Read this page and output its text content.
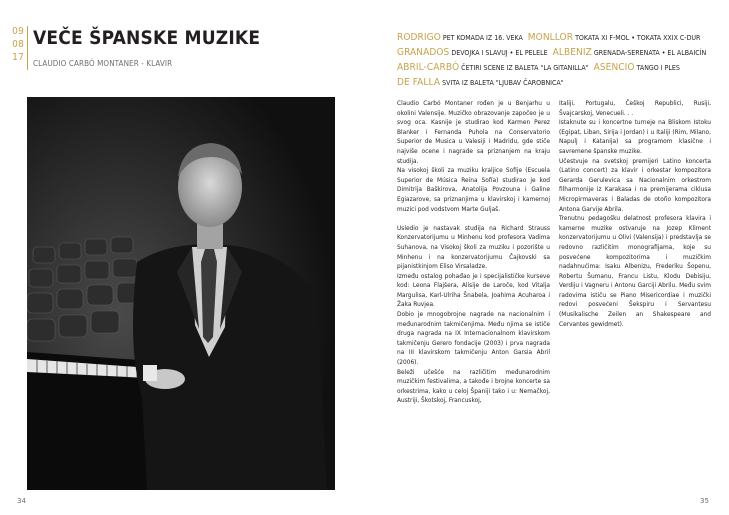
09
08
17
VEČE ŠPANSKE MUZIKE
CLAUDIO CARBÓ MONTANER - KLAVIR
34
RODRIGO PET KOMADA IZ 16. VEKA MONLLOR TOKATA XI F-MOL • TOKATA XXIX C-DUR
GRANADOS DEVOJKA I SLAVUJ • EL PELELE ALBENIZ GRENADA-SERENATA • EL ALBAICÍN
ABRIL-CARBÓ ČETIRI SCENE IZ BALETA "LA GITANILLA" ASENCIO TANGO I PLES
DE FALLA SVITA IZ BALETA "LJUBAV ČAROBNICA"

Claudio Carbó Montaner rođen je u Benjarhu u okolini Valensije. Muzičko obrazovanje započeo je u svog oca. Kasnije je studirao kod Karmen Perez Blanker i Fernanda Puhola na Conservatorio Superior de Musica u Valesiji i Madridu, gde stiče najviše ocene i nagrade sa priznanjem na kraju studija.

Na visokoj školi za muziku kraljice Sofije (Escuela Superior de Música Reina Sofía) studirao je kod Dimitrija Baškirova, Anatolija Povzouna i Galine Egiazarove, sa priznanjima u klavirskoj i kamernoj muzici pod vodstvom Marte Guljaš.

Usledio je nastavak studija na Richard Strauss Konzervatorijumu u Minhenu kod profesora Vadima Suhanova, na Visokoj školi za muziku i pozorište u Minhenu i na konzervatorijumu Čajkovski sa pijanistkinjom Eliso Virsaladze.

Između ostalog pohađao je i specijalističke kurseve kod: Leona Flajšera, Alisije de Laroče, kod Vitalja Margulisa, Karl-Ulriha Šnabela, Joahima Acuharoa i Žaka Ruvjea.

Dobio je mnogobrojne nagrade na nacionalnim i međunarodnim takmičenjima. Među njima se ističe druga nagrada na IX Internacionalnom klavirskom takmičenju Gerero fondacije (2003) i prva nagrada na III klavirskom takmičenju Anton Garsia Abril (2006).

Beleži učešće na različitim međunarodnim muzičkim festivalima, a takođe i brojne koncerte sa orkestrima, kako u celoj Španiji tako i u: Nemačkoj, Austriji, Škotskoj, Francuskoj,

Italiji, Portugalu, Češkoj Republici, Rusiji, Švajcarskoj, Venecueli. . .

Istaknute su i koncertne turneje na Bliskom Istoku (Egipat, Liban, Sirija i Jordan) i u Italiji (Rim, Milano, Napulj i Katanija) sa programom klasične i savremene španske muzike.

Učestvuje na svetskoj premijeri Latino koncerta (Latino concert) za klavir i orkestar kompozitora Gerarda Gerulevica sa Nacionalnim orkestrom filharmonije iz Karakasa i na premijerama ciklusa Micropirmaveras i Baladas de otoño kompozitora Antona Garvije Abrila.

Trenutnu pedagošku delatnost profesora klavira i kamerne muzike ostvaruje na Jozep Kliment konzervatorijumu u Olivi (Valensija) i predstavlja se redovno različitim monografijama, koje su posvećene kompozitorima i muzičkim nadahnućima: Isaku Albenizu, Frederiku Šopenu, Robertu Šumanu, Francu Listu, Klodu Debisiju, Verdiju i Vagneru i Antonu Garciji Abrilu. Među svim radovima ističu se Piano Misericordiae i muzički redovi posvećeni Šekspiru i Servantesu (Musikalische Zeilen an Shakespeare and Cervantes gewidmet).

35
